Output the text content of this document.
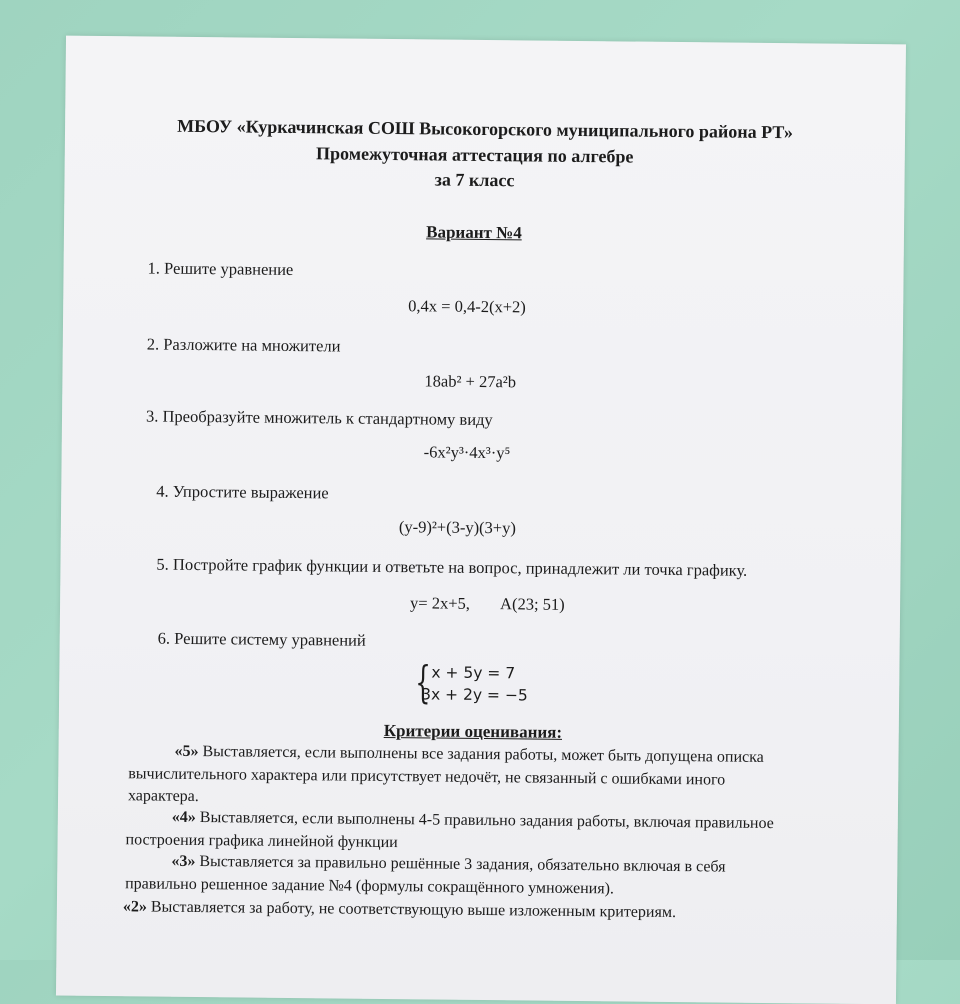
МБОУ «Куркачинская СОШ Высокогорского муниципального района РТ»
Промежуточная аттестация по алгебре
за 7 класс
Вариант №4
1. Решите уравнение
0,4x = 0,4-2(x+2)
2. Разложите на множители
18ab² + 27a²b
3. Преобразуйте множитель к стандартному виду
-6x²y³·4x³·y⁵
4. Упростите выражение
(y-9)²+(3-y)(3+y)
5. Постройте график функции и ответьте на вопрос, принадлежит ли точка графику.
y= 2x+5, A(23; 51)
6. Решите систему уравнений
{ x + 5y = 7
3x + 2y = −5
Критерии оценивания:
«5» Выставляется, если выполнены все задания работы, может быть допущена описка вычислительного характера или присутствует недочёт, не связанный с ошибками иного характера.
«4» Выставляется, если выполнены 4-5 правильно задания работы, включая правильное построения графика линейной функции
«3» Выставляется за правильно решённые 3 задания, обязательно включая в себя правильно решенное задание №4 (формулы сокращённого умножения).
«2» Выставляется за работу, не соответствующую выше изложенным критериям.
